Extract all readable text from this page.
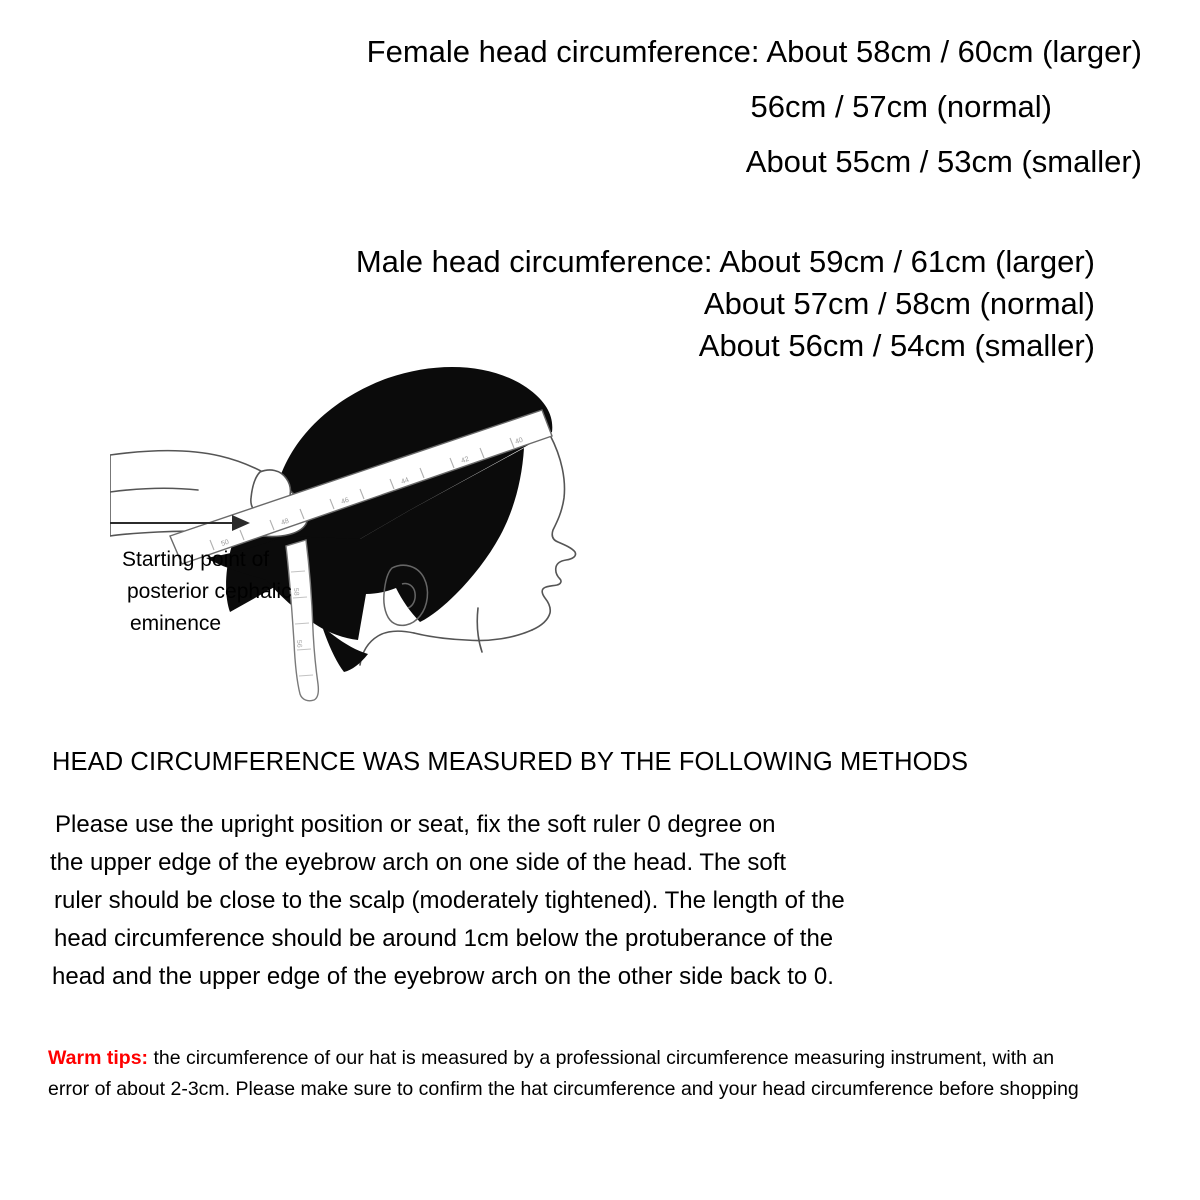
Female head circumference: About 58cm / 60cm (larger)
56cm / 57cm (normal)
About 55cm / 53cm (smaller)
Male head circumference: About 59cm / 61cm (larger)
About 57cm / 58cm (normal)
About 56cm / 54cm (smaller)
50
48
46
44
42
40
58
56
Starting point of
posterior cephalic
eminence
HEAD CIRCUMFERENCE WAS MEASURED BY THE FOLLOWING METHODS
Please use the upright position or seat, fix the soft ruler 0 degree on
the upper edge of the eyebrow arch on one side of the head. The soft
ruler should be close to the scalp (moderately tightened). The length of the
head circumference should be around 1cm below the protuberance of the
head and the upper edge of the eyebrow arch on the other side back to 0.
Warm tips: the circumference of our hat is measured by a professional circumference measuring instrument, with an
error of about 2-3cm. Please make sure to confirm the hat circumference and your head circumference before shopping
